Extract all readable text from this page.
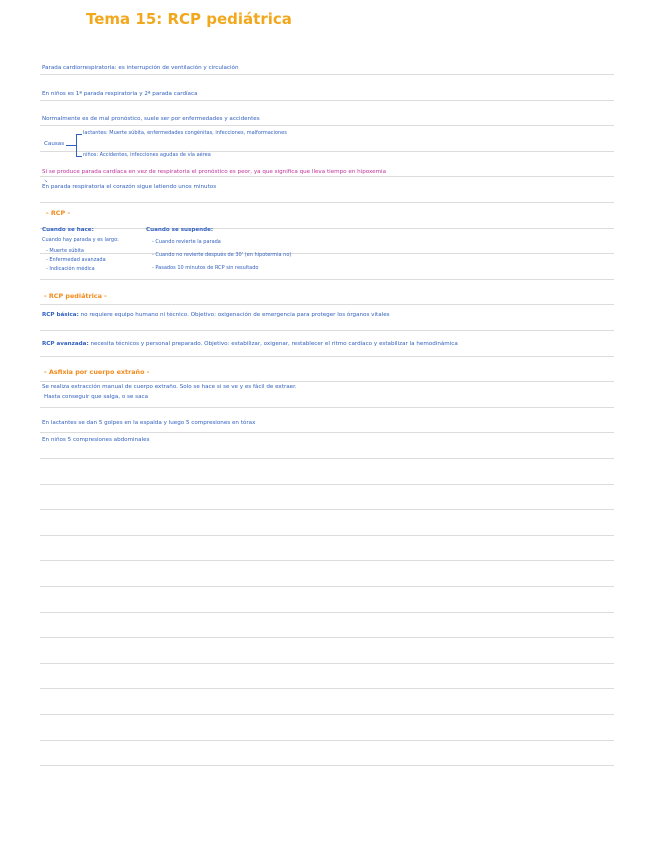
Tema 15: RCP pediátrica
Parada cardiorrespiratoria: es interrupción de ventilación y circulación
En niños es 1ª parada respiratoria y 2ª parada cardíaca
Normalmente es de mal pronóstico, suele ser por enfermedades y accidentes
Causas
lactantes: Muerte súbita, enfermedades congénitas, infecciones, malformaciones
niños: Accidentes, infecciones agudas de vía aérea
Si se produce parada cardíaca en vez de respiratoria el pronóstico es peor, ya que significa que lleva tiempo en hipoxemia
↘
En parada respiratoria el corazón sigue latiendo unos minutos
- RCP -
Cuando se hace:
Cuando hay parada y es largo:
- Muerte súbita
- Enfermedad avanzada
- Indicación médica
Cuando se suspende:
- Cuando revierte la parada
- Cuando no revierte después de 30' (en hipotermia no)
- Pasados 10 minutos de RCP sin resultado
- RCP pediátrica -
RCP básica: no requiere equipo humano ni técnico. Objetivo: oxigenación de emergencia para proteger los órganos vitales
RCP avanzada: necesita técnicos y personal preparado. Objetivo: estabilizar, oxigenar, restablecer el ritmo cardíaco y estabilizar la hemodinámica
- Asfixia por cuerpo extraño -
Se realiza extracción manual de cuerpo extraño. Solo se hace si se ve y es fácil de extraer.
Hasta conseguir que salga, o se saca
En lactantes se dan 5 golpes en la espalda y luego 5 compresiones en tórax
En niños 5 compresiones abdominales
